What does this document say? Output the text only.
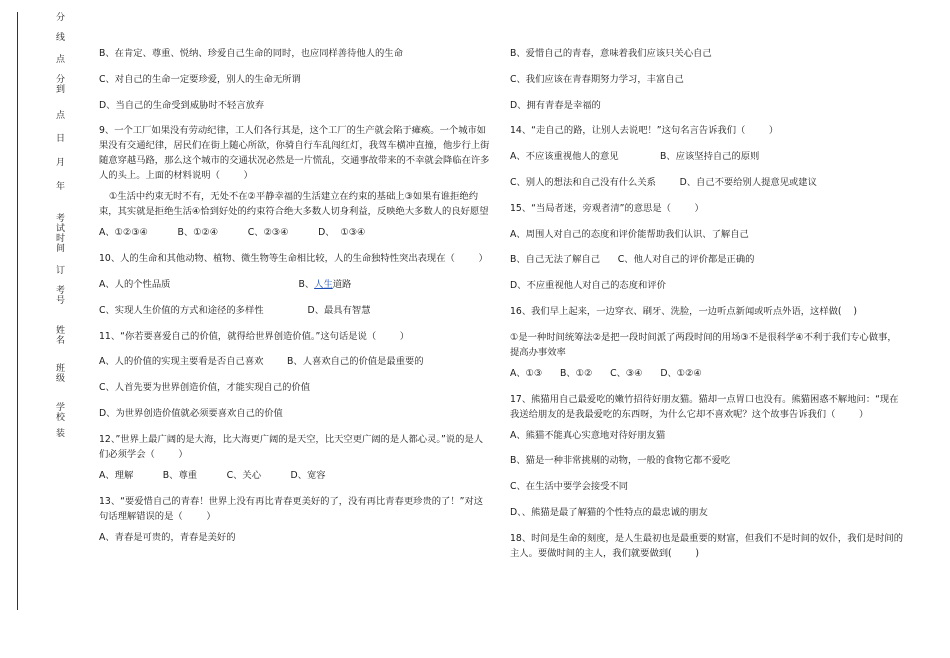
分 线 点 分到 点 日 月 年 考试时间 订 考号 姓名 班级 学校 装

B、在肯定、尊重、悦纳、珍爱自己生命的同时，也应同样善待他人的生命

C、对自己的生命一定要珍爱，别人的生命无所谓

D、当自己的生命受到威胁时不轻言放弃

9、一个工厂如果没有劳动纪律，工人们各行其是，这个工厂的生产就会陷于瘫痪。一个城市如果没有交通纪律，居民们在街上随心所欲，你骑自行车乱闯红灯，我驾车横冲直撞，他步行上街随意穿越马路，那么这个城市的交通状况必然是一片慌乱，交通事故带来的不幸就会降临在许多人的头上。上面的材料说明（        ）

①生活中约束无时不有，无处不在②平静幸福的生活建立在约束的基础上③如果有谁拒绝约束，其实就是拒绝生活④恰到好处的约束符合绝大多数人切身利益，反映绝大多数人的良好愿望

A、①②③④          B、①②④          C、②③④          D、  ①③④

10、人的生命和其他动物、植物、微生物等生命相比较，人的生命独特性突出表现在（        ）

A、人的个性品质	B、人生道路

C、实现人生价值的方式和途径的多样性	D、最具有智慧

11、“你若要喜爱自己的价值，就得给世界创造价值。”这句话是说（        ）

A、人的价值的实现主要看是否自己喜欢        B、人喜欢自己的价值是最重要的

C、人首先要为世界创造价值，才能实现自己的价值

D、为世界创造价值就必须要喜欢自己的价值

12、”世界上最广阔的是大海，比大海更广阔的是天空，比天空更广阔的是人都心灵。”说的是人们必须学会（        ）

A、理解          B、尊重          C、关心          D、宽容

13、“要爱惜自己的青春！世界上没有再比青春更美好的了，没有再比青春更珍贵的了！”对这句话理解错误的是（        ）

A、青春是可贵的，青春是美好的

B、爱惜自己的青春，意味着我们应该只关心自己

C、我们应该在青春期努力学习，丰富自己

D、拥有青春是幸福的

14、“走自己的路，让别人去说吧！”这句名言告诉我们（        ）

A、不应该重视他人的意见              B、应该坚持自己的原则

C、别人的想法和自己没有什么关系        D、自己不要给别人提意见或建议

15、“当局者迷，旁观者清”的意思是（        ）

A、周围人对自己的态度和评价能帮助我们认识、了解自己

B、自己无法了解自己      C、他人对自己的评价都是正确的

D、不应重视他人对自己的态度和评价

16、我们早上起来，一边穿衣、刷牙、洗脸，一边听点新闻或听点外语，这样做(    )

①是一种时间统筹法②是把一段时间派了两段时间的用场③不是很科学④不利于我们专心做事，提高办事效率

A、①③      B、①②      C、③④      D、①②④

17、熊猫用自己最爱吃的嫩竹招待好朋友猫。猫却一点胃口也没有。熊猫困惑不解地问：“现在我送给朋友的是我最爱吃的东西呀，为什么它却不喜欢呢？这个故事告诉我们（        ）

A、熊猫不能真心实意地对待好朋友猫

B、猫是一种非常挑剔的动物，一般的食物它都不爱吃

C、在生活中要学会接受不同

D、、熊猫是最了解猫的个性特点的最忠诚的朋友

18、时间是生命的刻度，是人生最初也是最重要的财富，但我们不是时间的奴仆，我们是时间的主人。要做时间的主人，我们就要做到(        )
